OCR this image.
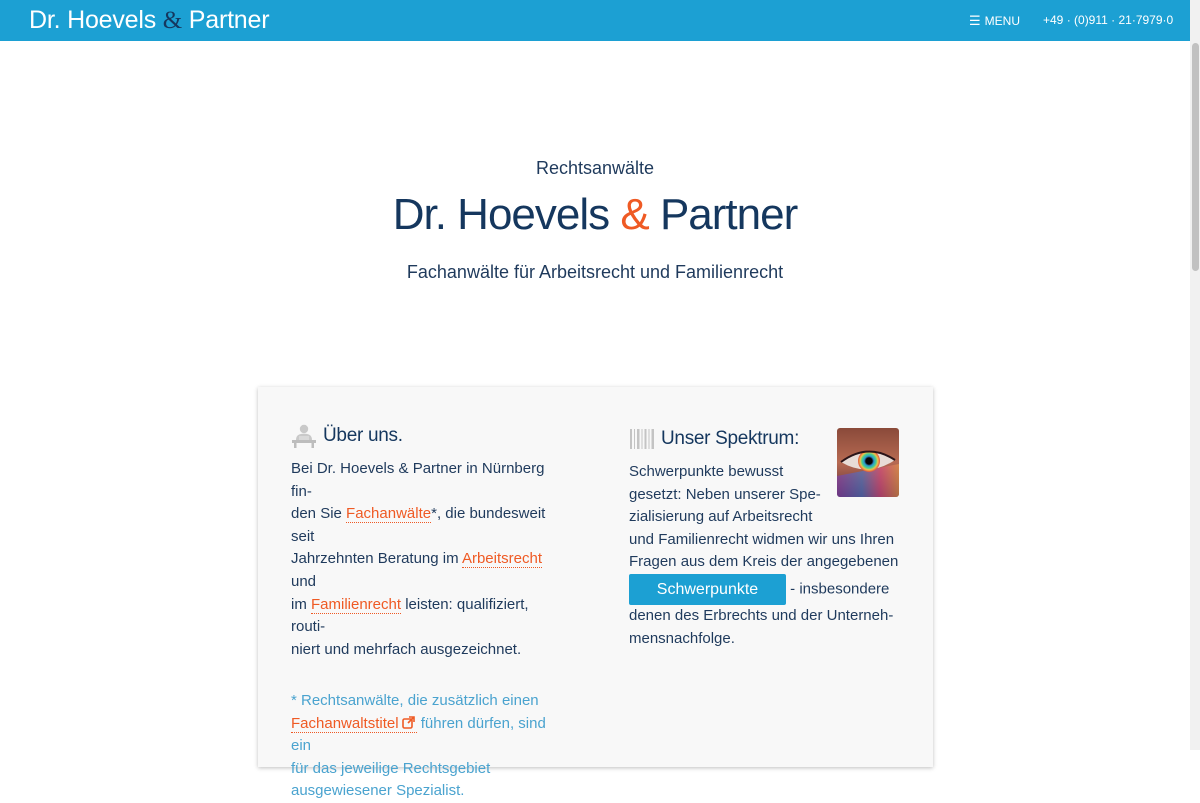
Dr. Hoevels & Partner	☰ MENU +49 · (0)911 · 21·7979·0
Rechtsanwälte
Dr. Hoevels & Partner
Fachanwälte für Arbeitsrecht und Familienrecht
Über uns.
Bei Dr. Hoevels & Partner in Nürnberg fin-
den Sie Fachanwälte*, die bundesweit seit
Jahrzehnten Beratung im Arbeitsrecht und
im Familienrecht leisten: qualifiziert, routi-
niert und mehrfach ausgezeichnet.
* Rechtsanwälte, die zusätzlich einen
Fachanwaltstitel führen dürfen, sind ein
für das jeweilige Rechtsgebiet
ausgewiesener Spezialist.
Unser Spektrum:
Schwerpunkte bewusst
gesetzt: Neben unserer Spe-
zialisierung auf Arbeitsrecht
und Familienrecht widmen wir uns Ihren
Fragen aus dem Kreis der angegebenen
Schwerpunkte - insbesondere
denen des Erbrechts und der Unterneh-
mensnachfolge.
